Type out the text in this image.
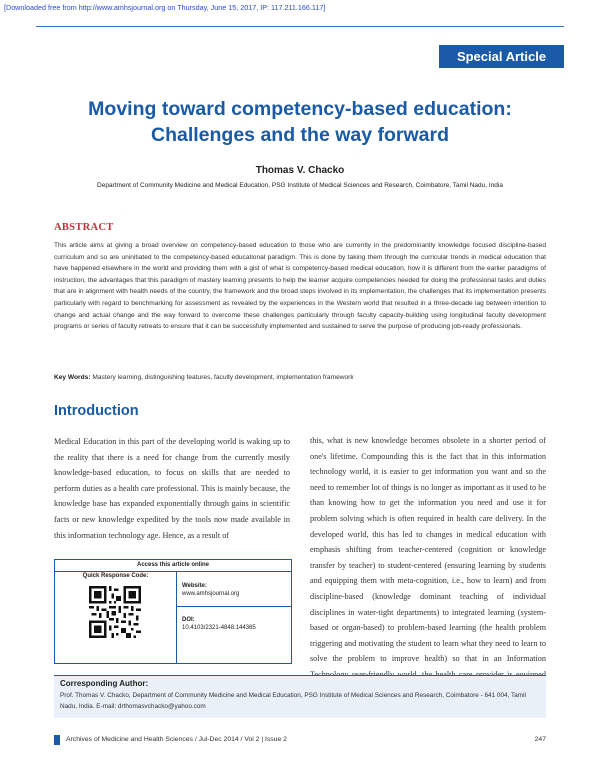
[Downloaded free from http://www.amhsjournal.org on Thursday, June 15, 2017, IP: 117.211.166.117]
Special Article
Moving toward competency-based education:
Challenges and the way forward
Thomas V. Chacko
Department of Community Medicine and Medical Education, PSG Institute of Medical Sciences and Research, Coimbatore, Tamil Nadu, India
ABSTRACT
This article aims at giving a broad overview on competency-based education to those who are currently in the predominantly knowledge focused discipline-based curriculum and so are uninitiated to the competency-based educational paradigm. This is done by taking them through the curricular trends in medical education that have happened elsewhere in the world and providing them with a gist of what is competency-based medical education, how it is different from the earlier paradigms of instruction, the advantages that this paradigm of mastery learning presents to help the learner acquire competencies needed for doing the professional tasks and duties that are in alignment with health needs of the country, the framework and the broad steps involved in its implementation, the challenges that its implementation presents particularly with regard to benchmarking for assessment as revealed by the experiences in the Western world that resulted in a three-decade lag between intention to change and actual change and the way forward to overcome these challenges particularly through faculty capacity-building using longitudinal faculty development programs or series of faculty retreats to ensure that it can be successfully implemented and sustained to serve the purpose of producing job-ready professionals.
Key Words: Mastery learning, distinguishing features, faculty development, implementation framework
Introduction
Medical Education in this part of the developing world is waking up to the reality that there is a need for change from the currently mostly knowledge-based education, to focus on skills that are needed to perform duties as a health care professional. This is mainly because, the knowledge base has expanded exponentially through gains in scientific facts or new knowledge expedited by the tools now made available in this information technology age. Hence, as a result of
this, what is new knowledge becomes obsolete in a shorter period of one's lifetime. Compounding this is the fact that in this information technology world, it is easier to get information you want and so the need to remember lot of things is no longer as important as it used to be than knowing how to get the information you need and use it for problem solving which is often required in health care delivery. In the developed world, this has led to changes in medical education with emphasis shifting from teacher-centered (cognition or knowledge transfer by teacher) to student-centered (ensuring learning by students and equipping them with meta-cognition, i.e., how to learn) and from discipline-based (knowledge dominant teaching of individual disciplines in water-tight departments) to integrated learning (system-based or organ-based) to problem-based learning (the health problem triggering and motivating the student to learn what they need to learn to solve the problem to improve health) so that in an Information
Access this article online
Quick Response Code:
Website:
www.amhsjournal.org
DOI:
10.4103/2321-4848.144365
Corresponding Author:
Prof. Thomas V. Chacko, Department of Community Medicine and Medical Education, PSG Institute of Medical Sciences and Research, Coimbatore - 641 004, Tamil Nadu, India. E-mail: drthomasvchacko@yahoo.com
Archives of Medicine and Health Sciences / Jul-Dec 2014 / Vol 2 | Issue 2	247
